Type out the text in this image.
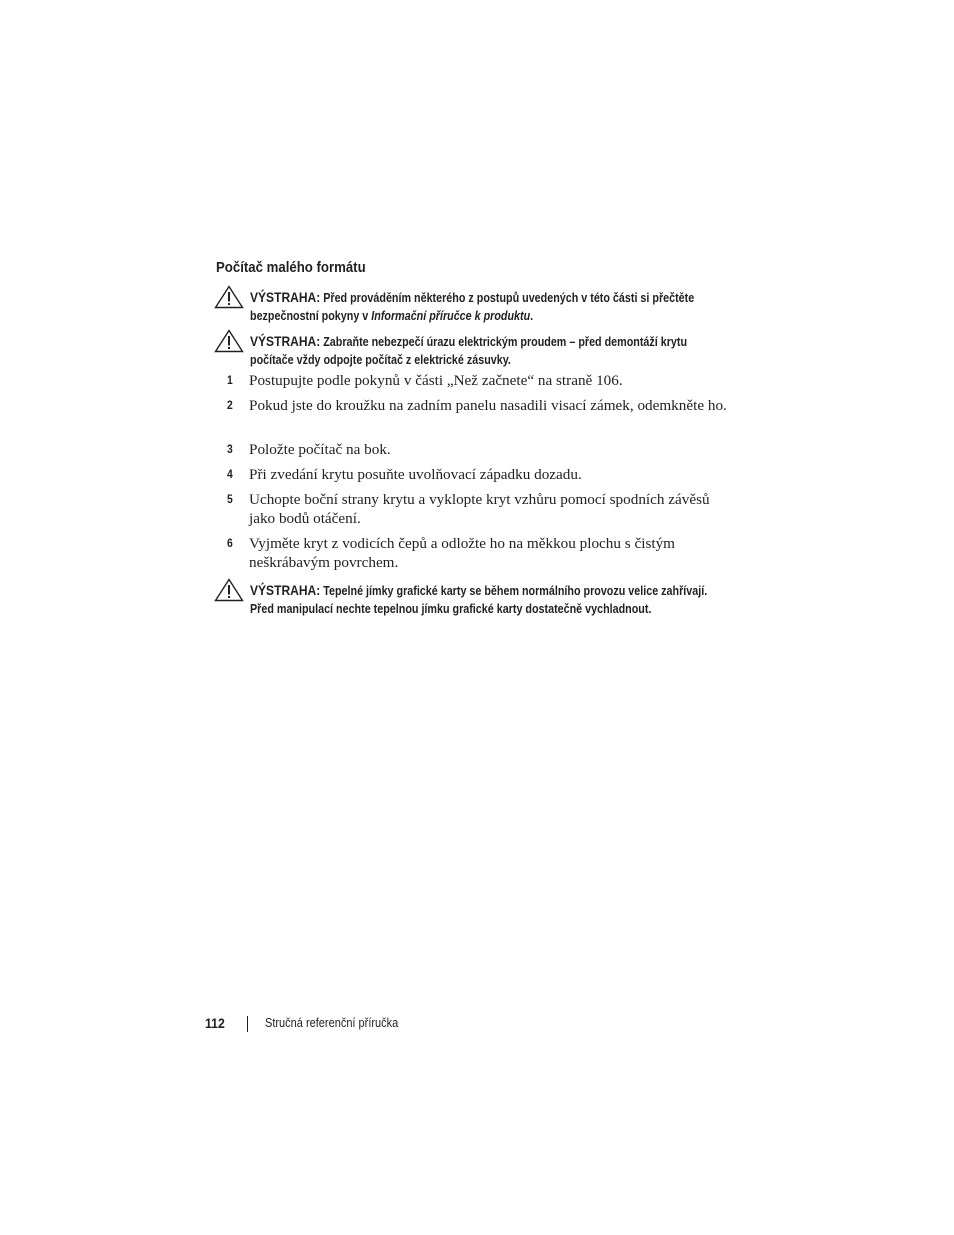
Počítač malého formátu
VÝSTRAHA: Před prováděním některého z postupů uvedených v této části si přečtěte bezpečnostní pokyny v Informační příručce k produktu.
VÝSTRAHA: Zabraňte nebezpečí úrazu elektrickým proudem – před demontáží krytu počítače vždy odpojte počítač z elektrické zásuvky.
1 Postupujte podle pokynů v části „Než začnete“ na straně 106.
2 Pokud jste do kroužku na zadním panelu nasadili visací zámek, odemkněte ho.
3 Položte počítač na bok.
4 Při zvedání krytu posuňte uvolňovací západku dozadu.
5 Uchopte boční strany krytu a vyklopte kryt vzhůru pomocí spodních závěsů jako bodů otáčení.
6 Vyjměte kryt z vodicích čepů a odložte ho na měkkou plochu s čistým neškrábavým povrchem.
VÝSTRAHA: Tepelné jímky grafické karty se během normálního provozu velice zahřívají. Před manipulací nechte tepelnou jímku grafické karty dostatečně vychladnout.
112	Stručná referenční příručka
